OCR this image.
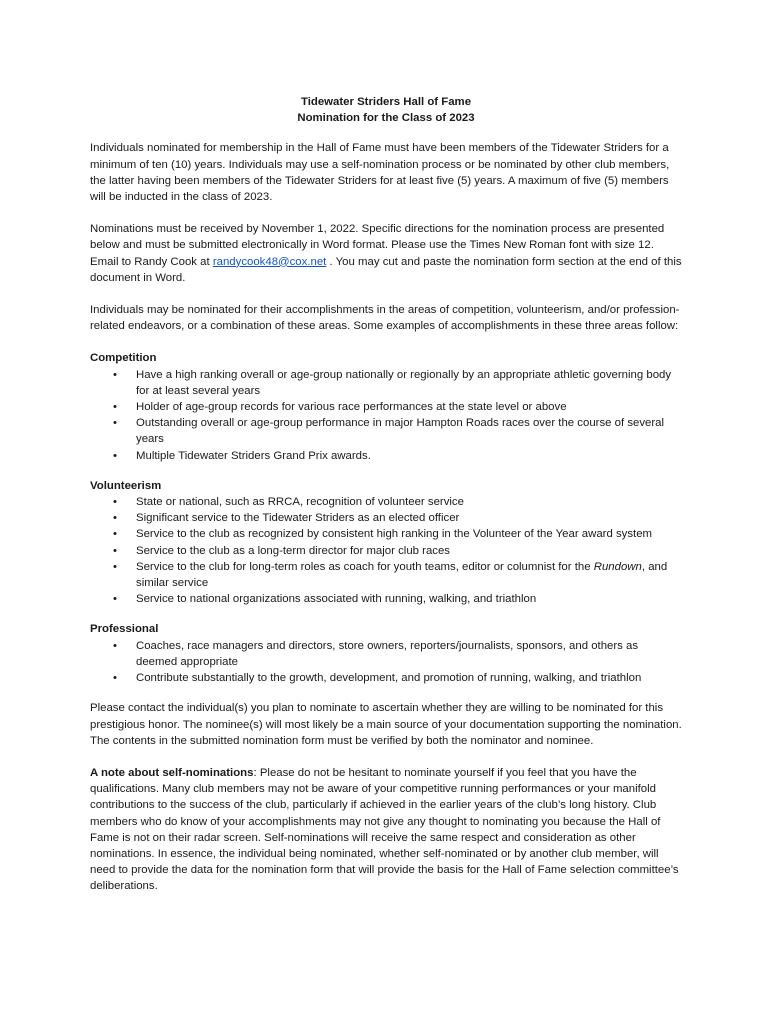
Tidewater Striders Hall of Fame
Nomination for the Class of 2023

Individuals nominated for membership in the Hall of Fame must have been members of the Tidewater Striders for a minimum of ten (10) years. Individuals may use a self-nomination process or be nominated by other club members, the latter having been members of the Tidewater Striders for at least five (5) years. A maximum of five (5) members will be inducted in the class of 2023.

Nominations must be received by November 1, 2022. Specific directions for the nomination process are presented below and must be submitted electronically in Word format. Please use the Times New Roman font with size 12. Email to Randy Cook at randycook48@cox.net . You may cut and paste the nomination form section at the end of this document in Word.

Individuals may be nominated for their accomplishments in the areas of competition, volunteerism, and/or profession-related endeavors, or a combination of these areas. Some examples of accomplishments in these three areas follow:

Competition
• Have a high ranking overall or age-group nationally or regionally by an appropriate athletic governing body for at least several years
• Holder of age-group records for various race performances at the state level or above
• Outstanding overall or age-group performance in major Hampton Roads races over the course of several years
• Multiple Tidewater Striders Grand Prix awards.
Volunteerism
• State or national, such as RRCA, recognition of volunteer service
• Significant service to the Tidewater Striders as an elected officer
• Service to the club as recognized by consistent high ranking in the Volunteer of the Year award system
• Service to the club as a long-term director for major club races
• Service to the club for long-term roles as coach for youth teams, editor or columnist for the Rundown, and similar service
• Service to national organizations associated with running, walking, and triathlon
Professional
• Coaches, race managers and directors, store owners, reporters/journalists, sponsors, and others as deemed appropriate
• Contribute substantially to the growth, development, and promotion of running, walking, and triathlon

Please contact the individual(s) you plan to nominate to ascertain whether they are willing to be nominated for this prestigious honor. The nominee(s) will most likely be a main source of your documentation supporting the nomination. The contents in the submitted nomination form must be verified by both the nominator and nominee.

A note about self-nominations: Please do not be hesitant to nominate yourself if you feel that you have the qualifications. Many club members may not be aware of your competitive running performances or your manifold contributions to the success of the club, particularly if achieved in the earlier years of the club’s long history. Club members who do know of your accomplishments may not give any thought to nominating you because the Hall of Fame is not on their radar screen. Self-nominations will receive the same respect and consideration as other nominations. In essence, the individual being nominated, whether self-nominated or by another club member, will need to provide the data for the nomination form that will provide the basis for the Hall of Fame selection committee’s deliberations.
